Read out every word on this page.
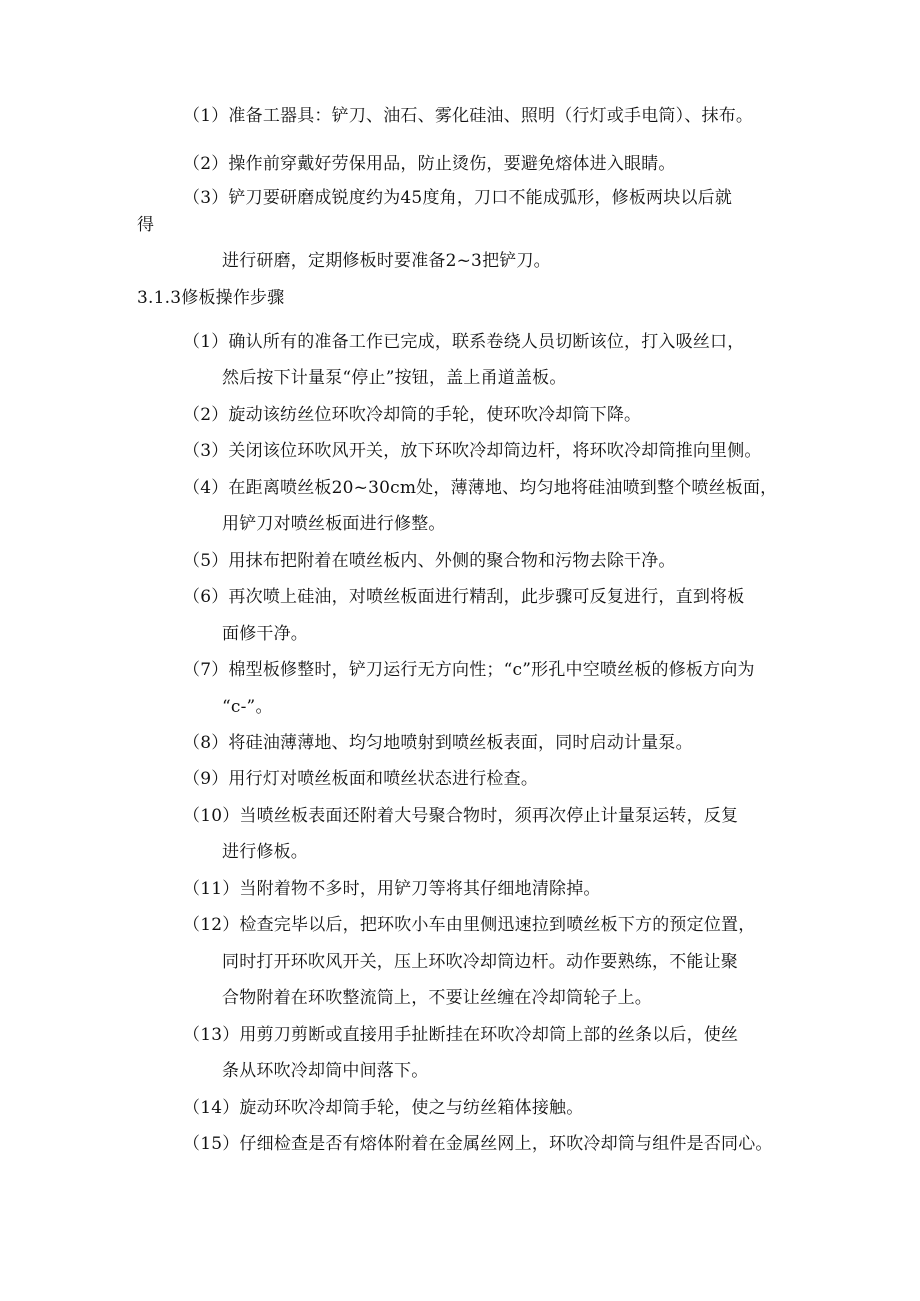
（1）准备工器具：铲刀、油石、雾化硅油、照明（行灯或手电筒）、抹布。
（2）操作前穿戴好劳保用品，防止烫伤，要避免熔体进入眼睛。
（3）铲刀要研磨成锐度约为45度角，刀口不能成弧形，修板两块以后就
得
进行研磨，定期修板时要准备2~3把铲刀。
3.1.3修板操作步骤
（1）确认所有的准备工作已完成，联系卷绕人员切断该位，打入吸丝口，
然后按下计量泵“停止”按钮，盖上甬道盖板。
（2）旋动该纺丝位环吹冷却筒的手轮，使环吹冷却筒下降。
（3）关闭该位环吹风开关，放下环吹冷却筒边杆，将环吹冷却筒推向里侧。
（4）在距离喷丝板20~30cm处，薄薄地、均匀地将硅油喷到整个喷丝板面，
用铲刀对喷丝板面进行修整。
（5）用抹布把附着在喷丝板内、外侧的聚合物和污物去除干净。
（6）再次喷上硅油，对喷丝板面进行精刮，此步骤可反复进行，直到将板
面修干净。
（7）棉型板修整时，铲刀运行无方向性；“c”形孔中空喷丝板的修板方向为
“c-”。
（8）将硅油薄薄地、均匀地喷射到喷丝板表面，同时启动计量泵。
（9）用行灯对喷丝板面和喷丝状态进行检查。
（10）当喷丝板表面还附着大号聚合物时，须再次停止计量泵运转，反复
进行修板。
（11）当附着物不多时，用铲刀等将其仔细地清除掉。
（12）检查完毕以后，把环吹小车由里侧迅速拉到喷丝板下方的预定位置，
同时打开环吹风开关，压上环吹冷却筒边杆。动作要熟练，不能让聚
合物附着在环吹整流筒上，不要让丝缠在冷却筒轮子上。
（13）用剪刀剪断或直接用手扯断挂在环吹冷却筒上部的丝条以后，使丝
条从环吹冷却筒中间落下。
（14）旋动环吹冷却筒手轮，使之与纺丝箱体接触。
（15）仔细检查是否有熔体附着在金属丝网上，环吹冷却筒与组件是否同心。
